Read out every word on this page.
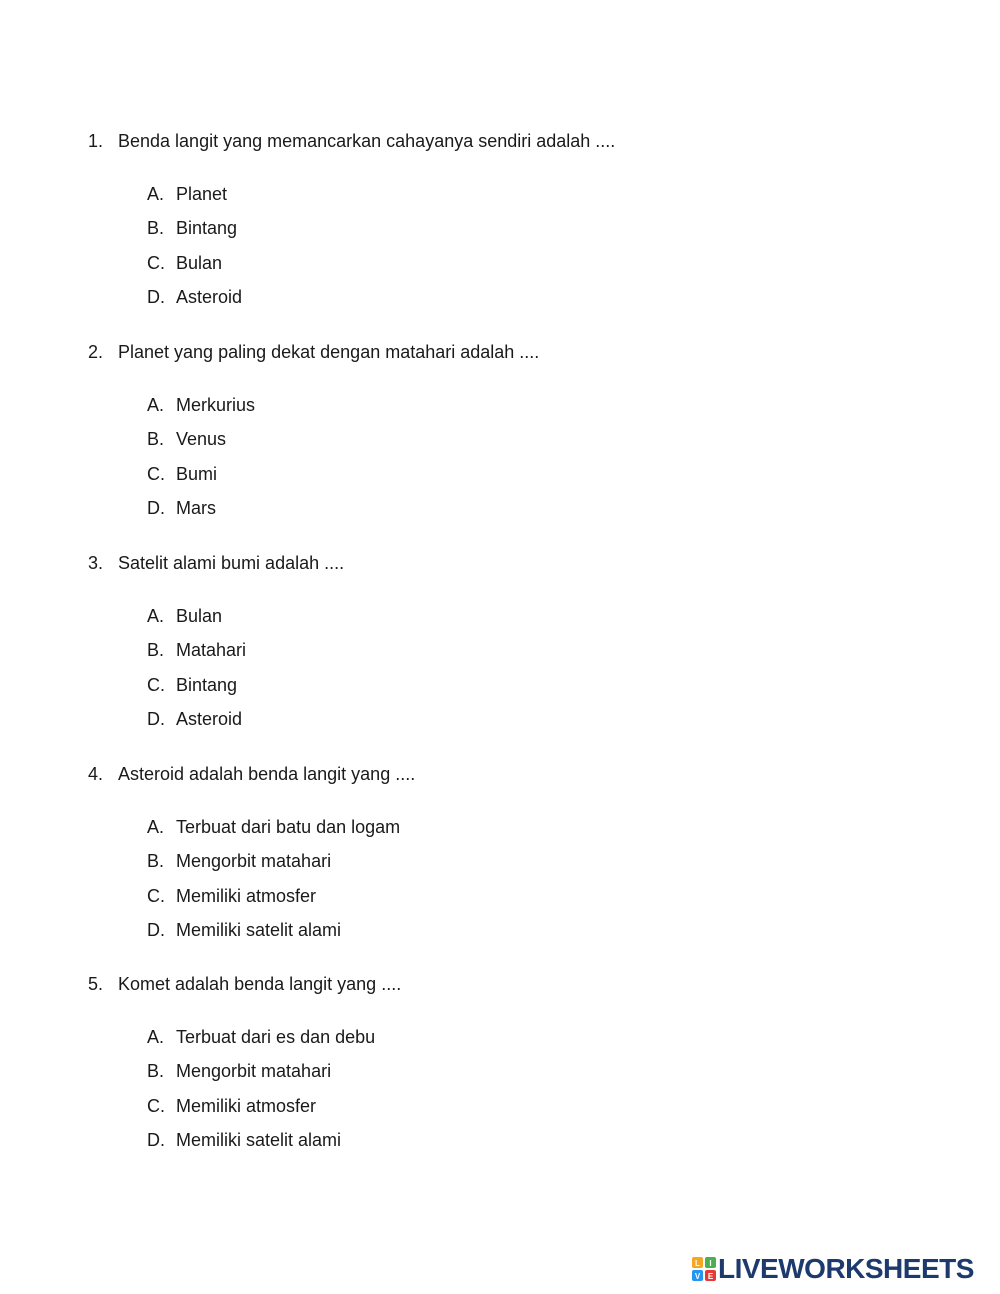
1. Benda langit yang memancarkan cahayanya sendiri adalah ....
A. Planet
B. Bintang
C. Bulan
D. Asteroid
2. Planet yang paling dekat dengan matahari adalah ....
A. Merkurius
B. Venus
C. Bumi
D. Mars
3. Satelit alami bumi adalah ....
A. Bulan
B. Matahari
C. Bintang
D. Asteroid
4. Asteroid adalah benda langit yang ....
A. Terbuat dari batu dan logam
B. Mengorbit matahari
C. Memiliki atmosfer
D. Memiliki satelit alami
5. Komet adalah benda langit yang ....
A. Terbuat dari es dan debu
B. Mengorbit matahari
C. Memiliki atmosfer
D. Memiliki satelit alami
L I
V E LIVEWORKSHEETS
